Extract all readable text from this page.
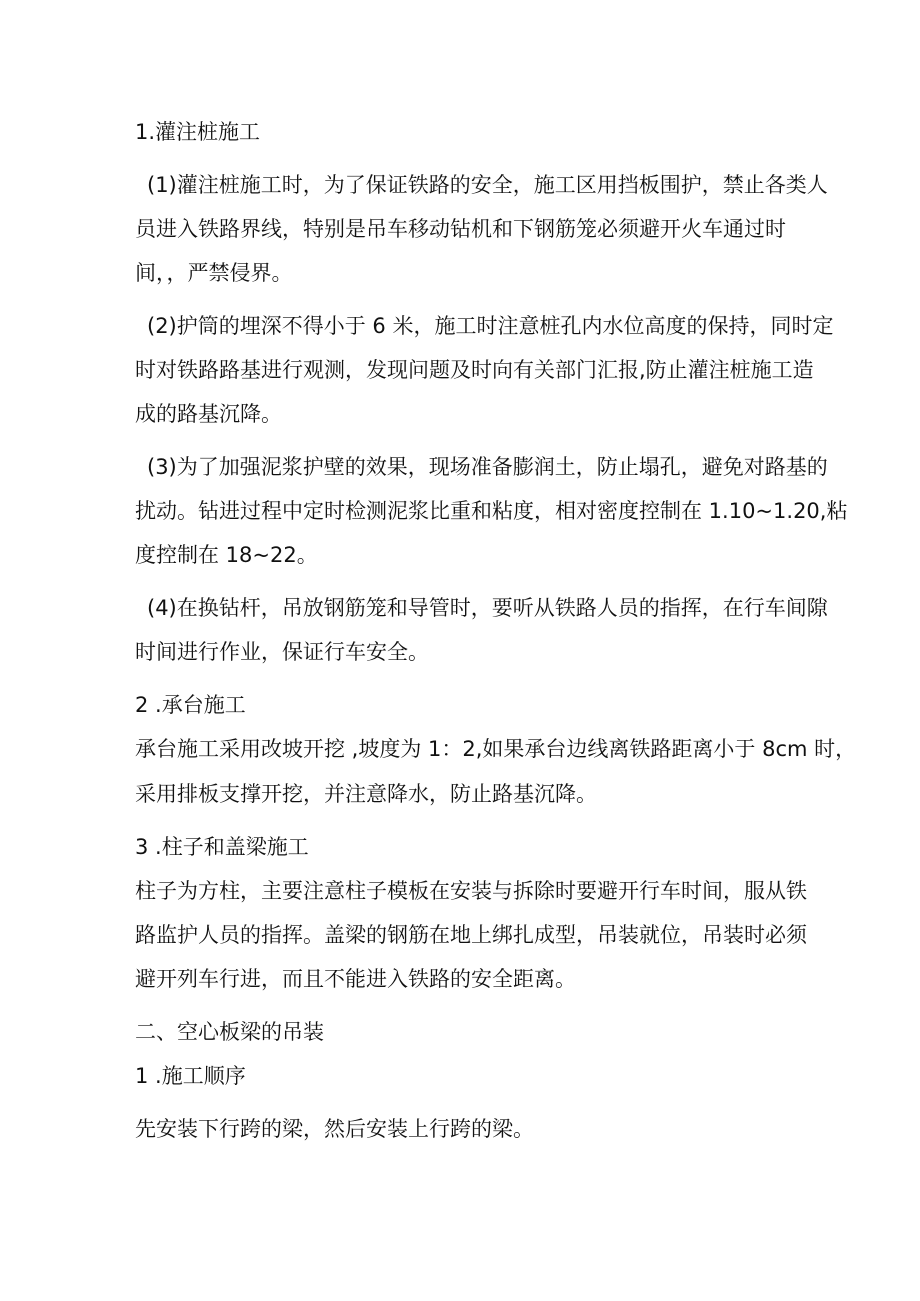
1.灌注桩施工

(1)灌注桩施工时，为了保证铁路的安全，施工区用挡板围护，禁止各类人

员进入铁路界线，特别是吊车移动钻机和下钢筋笼必须避开火车通过时

间，，严禁侵界。

(2)护筒的埋深不得小于 6 米，施工时注意桩孔内水位高度的保持，同时定

时对铁路路基进行观测，发现问题及时向有关部门汇报,防止灌注桩施工造

成的路基沉降。

(3)为了加强泥浆护壁的效果，现场准备膨润土，防止塌孔，避免对路基的

扰动。钻进过程中定时检测泥浆比重和粘度，相对密度控制在 1.10~1.20,粘

度控制在 18~22。

(4)在换钻杆，吊放钢筋笼和导管时，要听从铁路人员的指挥，在行车间隙

时间进行作业，保证行车安全。

2 .承台施工

承台施工采用改坡开挖 ,坡度为 1：2,如果承台边线离铁路距离小于 8cm 时，

采用排板支撑开挖，并注意降水，防止路基沉降。

3 .柱子和盖梁施工

柱子为方柱，主要注意柱子模板在安装与拆除时要避开行车时间，服从铁

路监护人员的指挥。盖梁的钢筋在地上绑扎成型，吊装就位，吊装时必须

避开列车行进，而且不能进入铁路的安全距离。

二、空心板梁的吊装

1 .施工顺序

先安装下行跨的梁，然后安装上行跨的梁。
